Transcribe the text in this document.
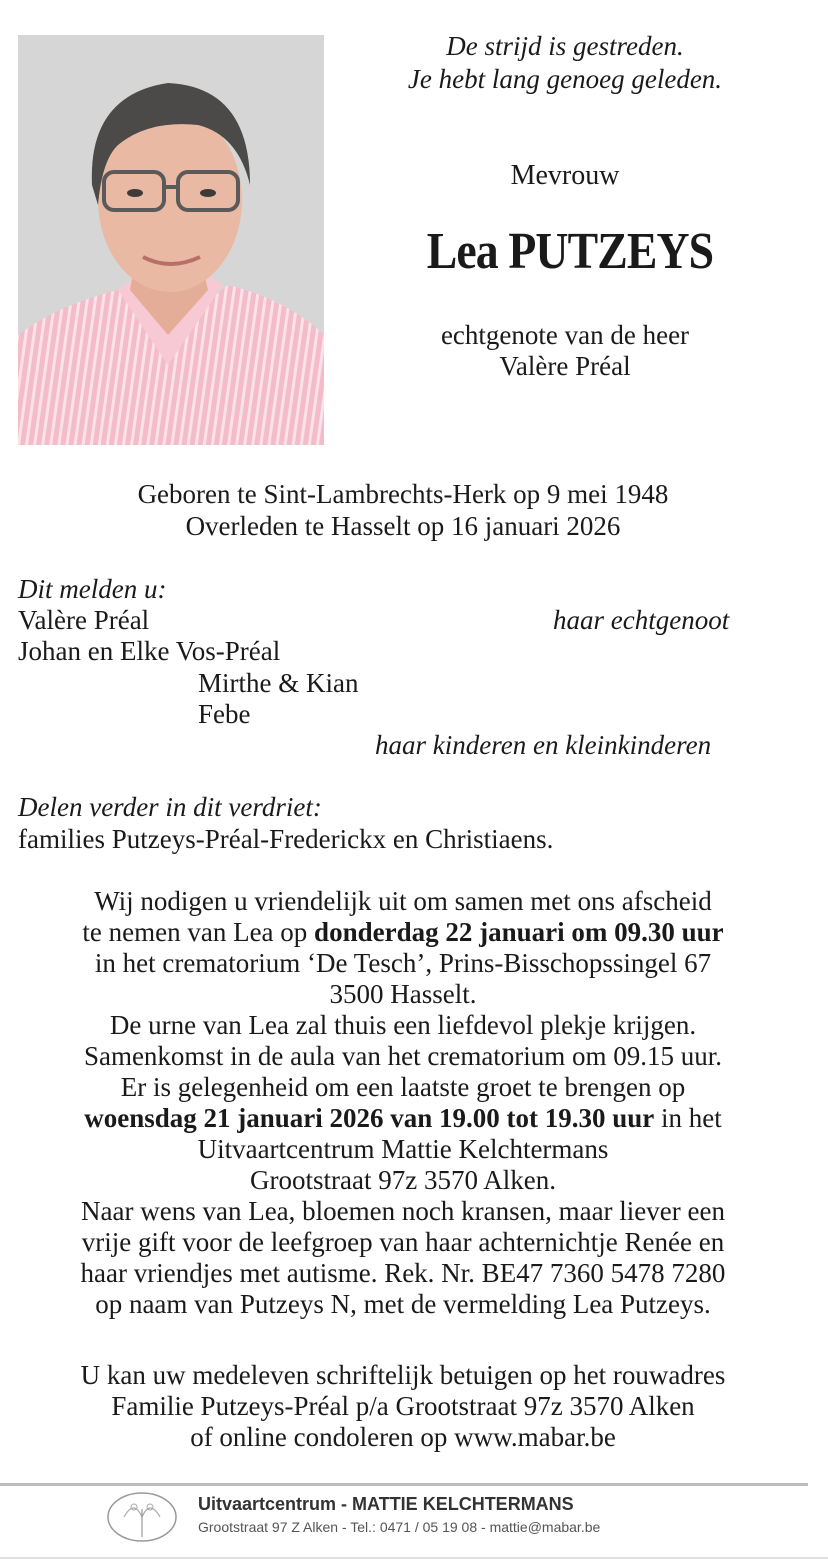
De strijd is gestreden.
Je hebt lang genoeg geleden.
Mevrouw
Lea PUTZEYS
echtgenote van de heer
Valère Préal
Geboren te Sint-Lambrechts-Herk op 9 mei 1948
Overleden te Hasselt op 16 januari 2026
Dit melden u:
Valère Préal	haar echtgenoot
Johan en Elke Vos-Préal
Mirthe & Kian
Febe
haar kinderen en kleinkinderen
Delen verder in dit verdriet:
families Putzeys-Préal-Frederickx en Christiaens.
Wij nodigen u vriendelijk uit om samen met ons afscheid
te nemen van Lea op donderdag 22 januari om 09.30 uur
in het crematorium ‘De Tesch’, Prins-Bisschopssingel 67
3500 Hasselt.
De urne van Lea zal thuis een liefdevol plekje krijgen.
Samenkomst in de aula van het crematorium om 09.15 uur.
Er is gelegenheid om een laatste groet te brengen op
woensdag 21 januari 2026 van 19.00 tot 19.30 uur in het
Uitvaartcentrum Mattie Kelchtermans
Grootstraat 97z 3570 Alken.
Naar wens van Lea, bloemen noch kransen, maar liever een
vrije gift voor de leefgroep van haar achternichtje Renée en
haar vriendjes met autisme. Rek. Nr. BE47 7360 5478 7280
op naam van Putzeys N, met de vermelding Lea Putzeys.
U kan uw medeleven schriftelijk betuigen op het rouwadres
Familie Putzeys-Préal p/a Grootstraat 97z 3570 Alken
of online condoleren op www.mabar.be
Uitvaartcentrum - MATTIE KELCHTERMANS
Grootstraat 97 Z Alken - Tel.: 0471 / 05 19 08 - mattie@mabar.be
